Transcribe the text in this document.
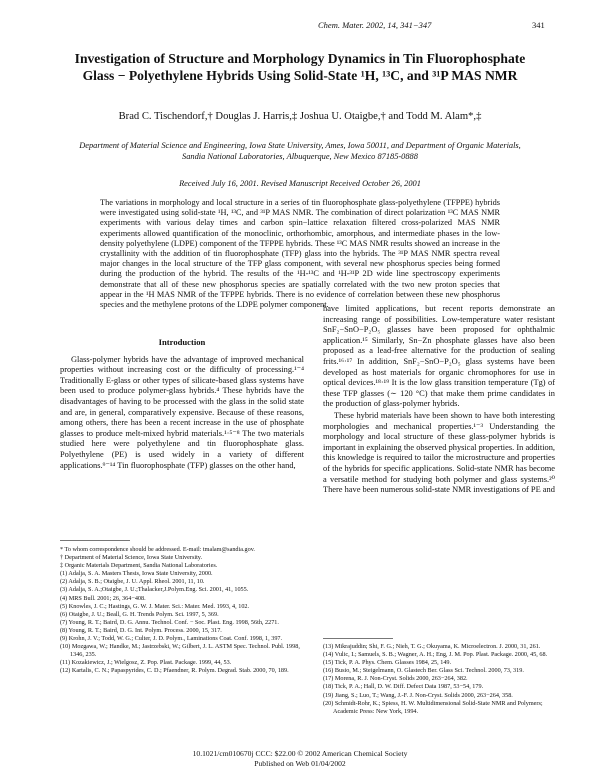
Chem. Mater. 2002, 14, 341−347	341
Investigation of Structure and Morphology Dynamics in Tin Fluorophosphate Glass − Polyethylene Hybrids Using Solid-State ¹H, ¹³C, and ³¹P MAS NMR
Brad C. Tischendorf,† Douglas J. Harris,‡ Joshua U. Otaigbe,† and Todd M. Alam*,‡
Department of Material Science and Engineering, Iowa State University, Ames, Iowa 50011, and Department of Organic Materials, Sandia National Laboratories, Albuquerque, New Mexico 87185-0888
Received July 16, 2001. Revised Manuscript Received October 26, 2001
The variations in morphology and local structure in a series of tin fluorophosphate glass-polyethylene (TFPPE) hybrids were investigated using solid-state ¹H, ¹³C, and ³¹P MAS NMR. The combination of direct polarization ¹³C MAS NMR experiments with various delay times and carbon spin−lattice relaxation filtered cross-polarized MAS NMR experiments allowed quantification of the monoclinic, orthorhombic, amorphous, and intermediate phases in the low-density polyethylene (LDPE) component of the TFPPE hybrids. These ¹³C MAS NMR results showed an increase in the crystallinity with the addition of tin fluorophosphate (TFP) glass into the hybrids. The ³¹P MAS NMR spectra reveal major changes in the local structure of the TFP glass component, with several new phosphorus species being formed during the production of the hybrid. The results of the ¹H-¹³C and ¹H-³¹P 2D wide line spectroscopy experiments demonstrate that all of these new phosphorus species are spatially correlated with the two new proton species that appear in the ¹H MAS NMR of the TFPPE hybrids. There is no evidence of correlation between these new phosphorus species and the methylene protons of the LDPE polymer component.
Introduction

Glass-polymer hybrids have the advantage of improved mechanical properties without increasing cost or the difficulty of processing.¹⁻⁴ Traditionally E-glass or other types of silicate-based glass systems have been used to produce polymer-glass hybrids.⁴ These hybrids have the disadvantages of having to be processed with the glass in the solid state and are, in general, comparatively expensive. Because of these reasons, among others, there has been a recent increase in the use of phosphate glasses to produce melt-mixed hybrid materials.¹·⁵⁻⁸ The two materials studied here were polyethylene and tin fluorophosphate glass. Polyethylene (PE) is used widely in a variety of different applications.⁹⁻¹⁴ Tin fluorophosphate (TFP) glasses on the other hand,

have limited applications, but recent reports demonstrate an increasing range of possibilities. Low-temperature water resistant SnF₂−SnO−P₂O₅ glasses have been proposed for ophthalmic application.¹⁵ Similarly, Sn−Zn phosphate glasses have also been proposed as a lead-free alternative for the production of sealing frits.¹⁶·¹⁷ In addition, SnF₂−SnO−P₂O₅ glass systems have been developed as host materials for organic chromophores for use in optical devices.¹⁸·¹⁹ It is the low glass transition temperature (Tg) of these TFP glasses (∼ 120 °C) that make them prime candidates in the production of glass-polymer hybrids.

These hybrid materials have been shown to have both interesting morphologies and mechanical properties.¹⁻³ Understanding the morphology and local structure of these glass-polymer hybrids is important in explaining the observed physical properties. In addition, this knowledge is required to tailor the microstructure and properties of the hybrids for specific applications. Solid-state NMR has become a versatile method for studying both polymer and glass systems.²⁰ There have been numerous solid-state NMR investigations of PE and

* To whom correspondence should be addressed. E-mail: tmalam@sandia.gov.
† Department of Material Science, Iowa State University.
‡ Organic Materials Department, Sandia National Laboratories.
(1) Adalja, S. A. Masters Thesis, Iowa State University, 2000.
(2) Adalja, S. B.; Otaigbe, J. U. Appl. Rheol. 2001, 11, 10.
(3) Adalja, S. A.;Otaigbe, J. U.;Thalacker,J.Polym.Eng. Sci. 2001, 41, 1055.
(4) MRS Bull. 2001; 26, 364−408.
(5) Knowles, J. C.; Hastings, G. W. J. Mater. Sci.: Mater. Med. 1993, 4, 102.
(6) Otaigbe, J. U.; Beall, G. H. Trends Polym. Sci. 1997, 5, 369.
(7) Young, R. T.; Baird, D. G. Annu. Technol. Conf. − Soc. Plast. Eng. 1998, 56th, 2271.
(8) Young, R. T.; Baird, D. G. Int. Polym. Process. 2000, 15, 317.
(9) Krohn, J. V.; Todd, W. G.; Culter, J. D. Polym., Laminations Coat. Conf. 1998, 1, 397.
(10) Mozgawa, W.; Handke, M.; Jastrzebski, W.; Gilbert, J. L. ASTM Spec. Technol. Publ. 1998, 1346, 235.
(11) Kozakiewicz, J.; Wielgosz, Z. Pop. Plast. Package. 1999, 44, 53.
(12) Kartalis, C. N.; Papaspyrides, C. D.; Pfaendner, R. Polym. Degrad. Stab. 2000, 70, 189.
(13) Mikrajuddin; Shi, F. G.; Nieh, T. G.; Okuyama, K. Microelectron. J. 2000, 31, 261.
(14) Vulic, I.; Samuels, S. B.; Wagner, A. H.; Eng, J. M. Pop. Plast. Package. 2000, 45, 68.
(15) Tick, P. A. Phys. Chem. Glasses 1984, 25, 149.
(16) Busio, M.; Steigelmann, O. Glastech Ber. Glass Sci. Technol. 2000, 73, 319.
(17) Morena, R. J. Non-Cryst. Solids 2000, 263−264, 382.
(18) Tick, P. A.; Hall, D. W. Diff. Defect Data 1987, 53−54, 179.
(19) Jiang, S.; Luo, T.; Wang, J.-F. J. Non-Cryst. Solids 2000, 263−264, 358.
(20) Schmidt-Rohr, K.; Spiess, H. W. Multidimensional Solid-State NMR and Polymers; Academic Press: New York, 1994.
10.1021/cm010670j CCC: $22.00 © 2002 American Chemical Society
Published on Web 01/04/2002
